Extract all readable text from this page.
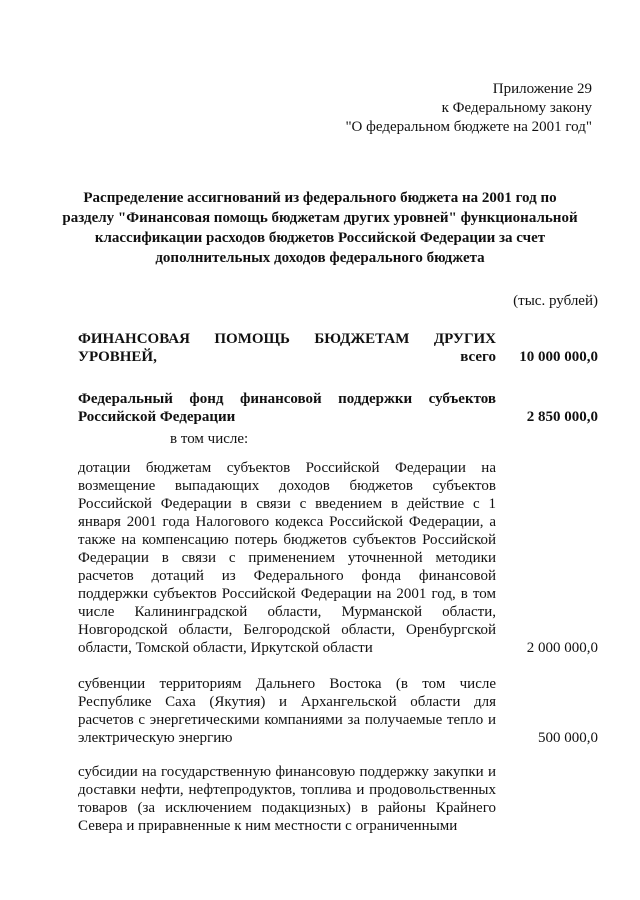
Приложение 29
к Федеральному закону
"О федеральном бюджете на 2001 год"
Распределение ассигнований из федерального бюджета на 2001 год по разделу "Финансовая помощь бюджетам других уровней" функциональной классификации расходов бюджетов Российской Федерации за счет дополнительных доходов федерального бюджета
(тыс. рублей)
ФИНАНСОВАЯ ПОМОЩЬ БЮДЖЕТАМ ДРУГИХ УРОВНЕЙ, всего	10 000 000,0
Федеральный фонд финансовой поддержки субъектов Российской Федерации	2 850 000,0
в том числе:
дотации бюджетам субъектов Российской Федерации на возмещение выпадающих доходов бюджетов субъектов Российской Федерации в связи с введением в действие с 1 января 2001 года Налогового кодекса Российской Федерации, а также на компенсацию потерь бюджетов субъектов Российской Федерации в связи с применением уточненной методики расчетов дотаций из Федерального фонда финансовой поддержки субъектов Российской Федерации на 2001 год, в том числе Калининградской области, Мурманской области, Новгородской области, Белгородской области, Оренбургской области, Томской области, Иркутской области	2 000 000,0
субвенции территориям Дальнего Востока (в том числе Республике Саха (Якутия) и Архангельской области для расчетов с энергетическими компаниями за получаемые тепло и электрическую энергию	500 000,0
субсидии на государственную финансовую поддержку закупки и доставки нефти, нефтепродуктов, топлива и продовольственных товаров (за исключением подакцизных) в районы Крайнего Севера и приравненные к ним местности с ограниченными
